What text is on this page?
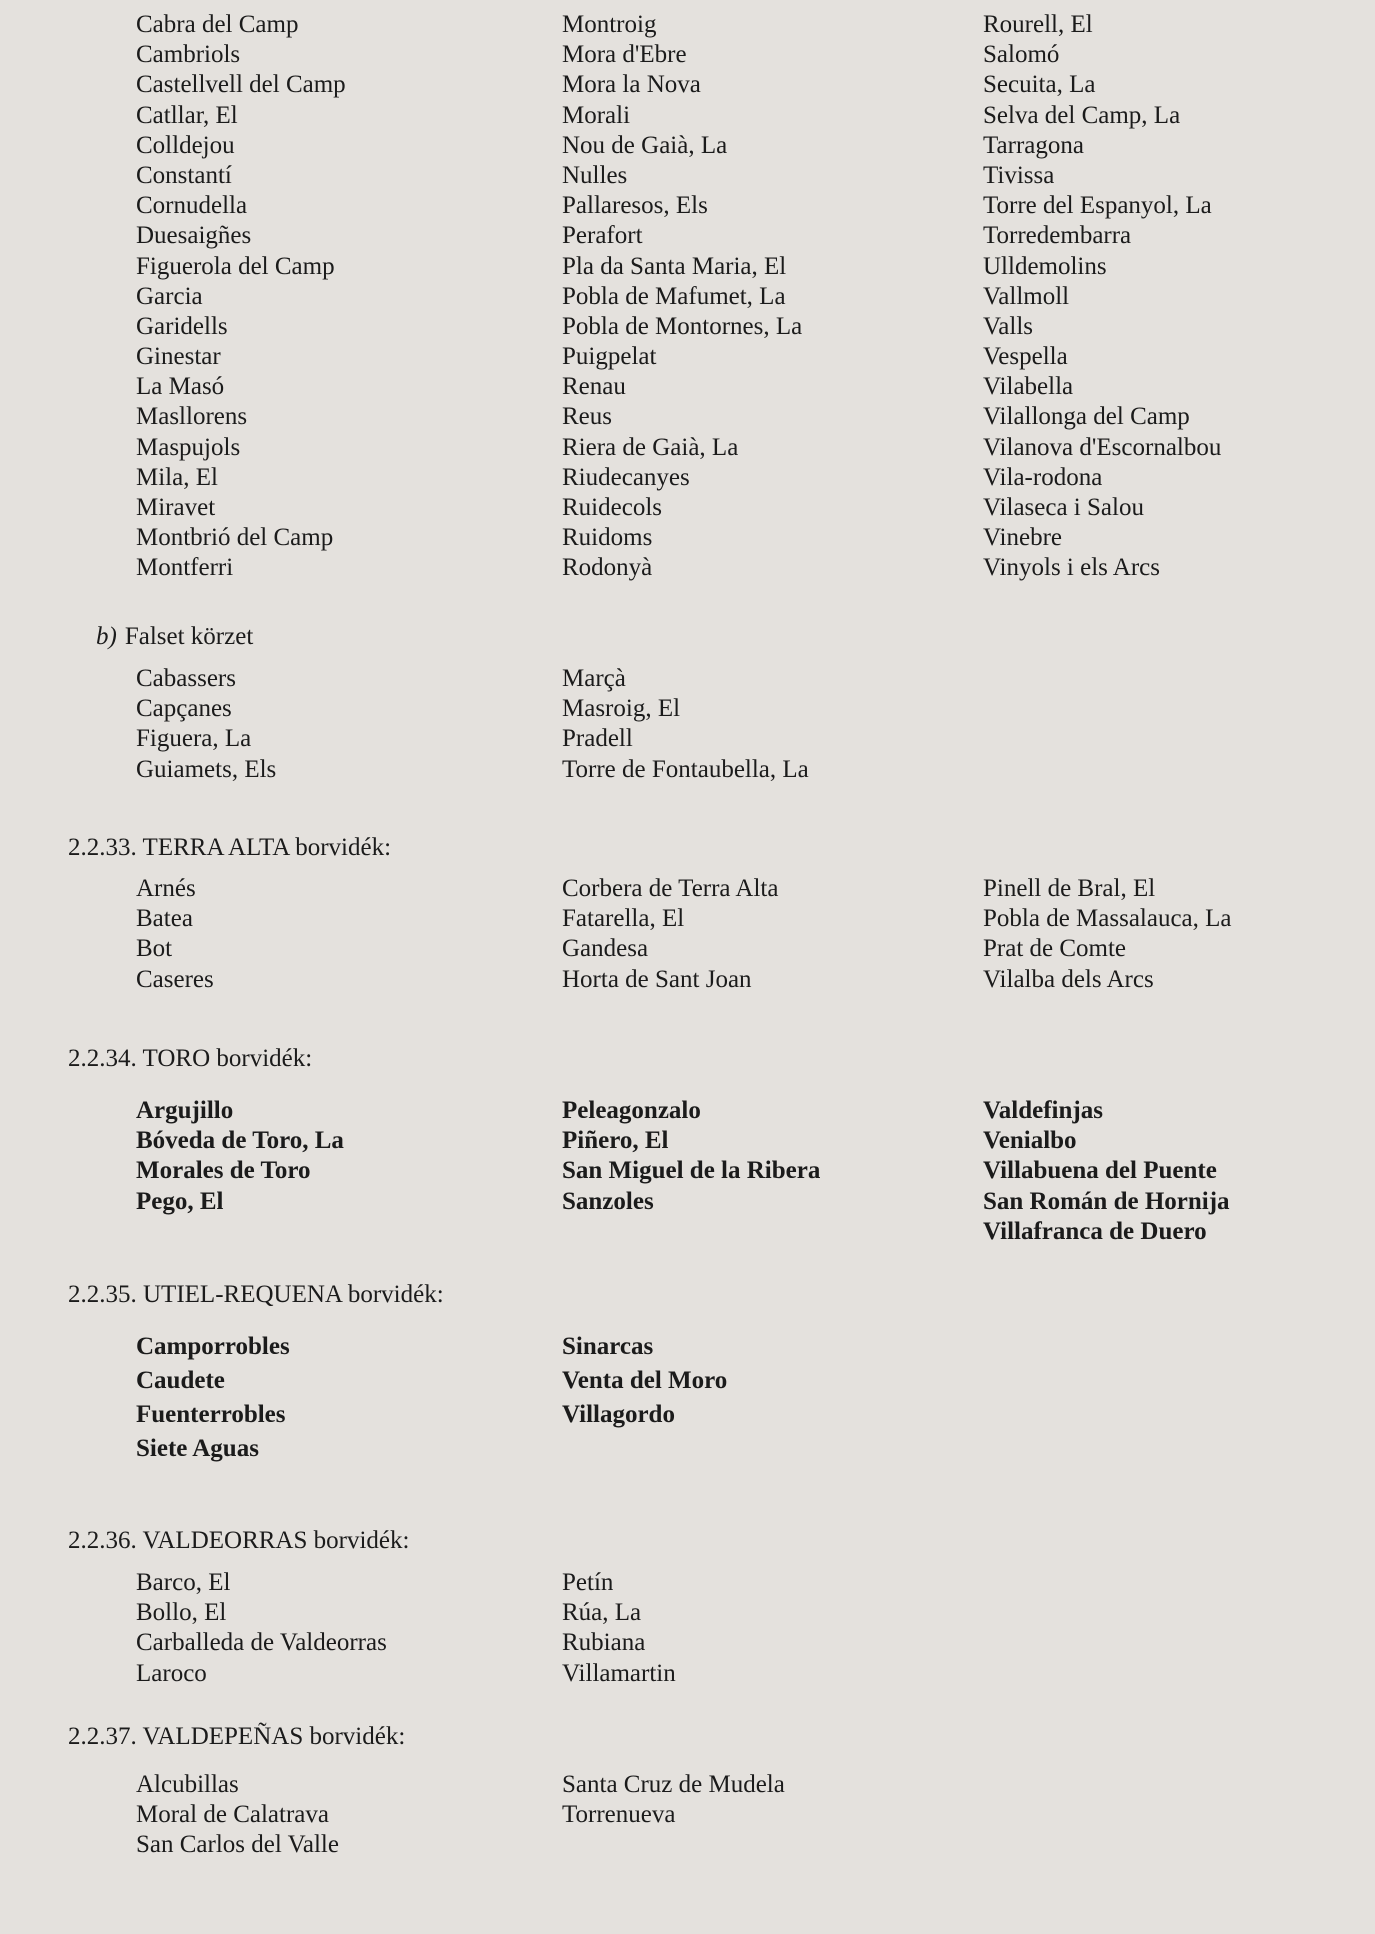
Cabra del Camp
Cambriols
Castellvell del Camp
Catllar, El
Colldejou
Constantí
Cornudella
Duesaigñes
Figuerola del Camp
Garcia
Garidells
Ginestar
La Masó
Masllorens
Maspujols
Mila, El
Miravet
Montbrió del Camp
Montferri
Montroig
Mora d'Ebre
Mora la Nova
Morali
Nou de Gaià, La
Nulles
Pallaresos, Els
Perafort
Pla da Santa Maria, El
Pobla de Mafumet, La
Pobla de Montornes, La
Puigpelat
Renau
Reus
Riera de Gaià, La
Riudecanyes
Ruidecols
Ruidoms
Rodonyà
Rourell, El
Salomó
Secuita, La
Selva del Camp, La
Tarragona
Tivissa
Torre del Espanyol, La
Torredembarra
Ulldemolins
Vallmoll
Valls
Vespella
Vilabella
Vilallonga del Camp
Vilanova d'Escornalbou
Vila-rodona
Vilaseca i Salou
Vinebre
Vinyols i els Arcs
b) Falset körzet
Cabassers
Capçanes
Figuera, La
Guiamets, Els
Marçà
Masroig, El
Pradell
Torre de Fontaubella, La
2.2.33. TERRA ALTA borvidék:
Arnés
Batea
Bot
Caseres
Corbera de Terra Alta
Fatarella, El
Gandesa
Horta de Sant Joan
Pinell de Bral, El
Pobla de Massalauca, La
Prat de Comte
Vilalba dels Arcs
2.2.34. TORO borvidék:
Argujillo
Bóveda de Toro, La
Morales de Toro
Pego, El
Peleagonzalo
Piñero, El
San Miguel de la Ribera
Sanzoles
Valdefinjas
Venialbo
Villabuena del Puente
San Román de Hornija
Villafranca de Duero
2.2.35. UTIEL-REQUENA borvidék:
Camporrobles
Caudete
Fuenterrobles
Siete Aguas
Sinarcas
Venta del Moro
Villagordo
2.2.36. VALDEORRAS borvidék:
Barco, El
Bollo, El
Carballeda de Valdeorras
Laroco
Petín
Rúa, La
Rubiana
Villamartin
2.2.37. VALDEPEÑAS borvidék:
Alcubillas
Moral de Calatrava
San Carlos del Valle
Santa Cruz de Mudela
Torrenueva
